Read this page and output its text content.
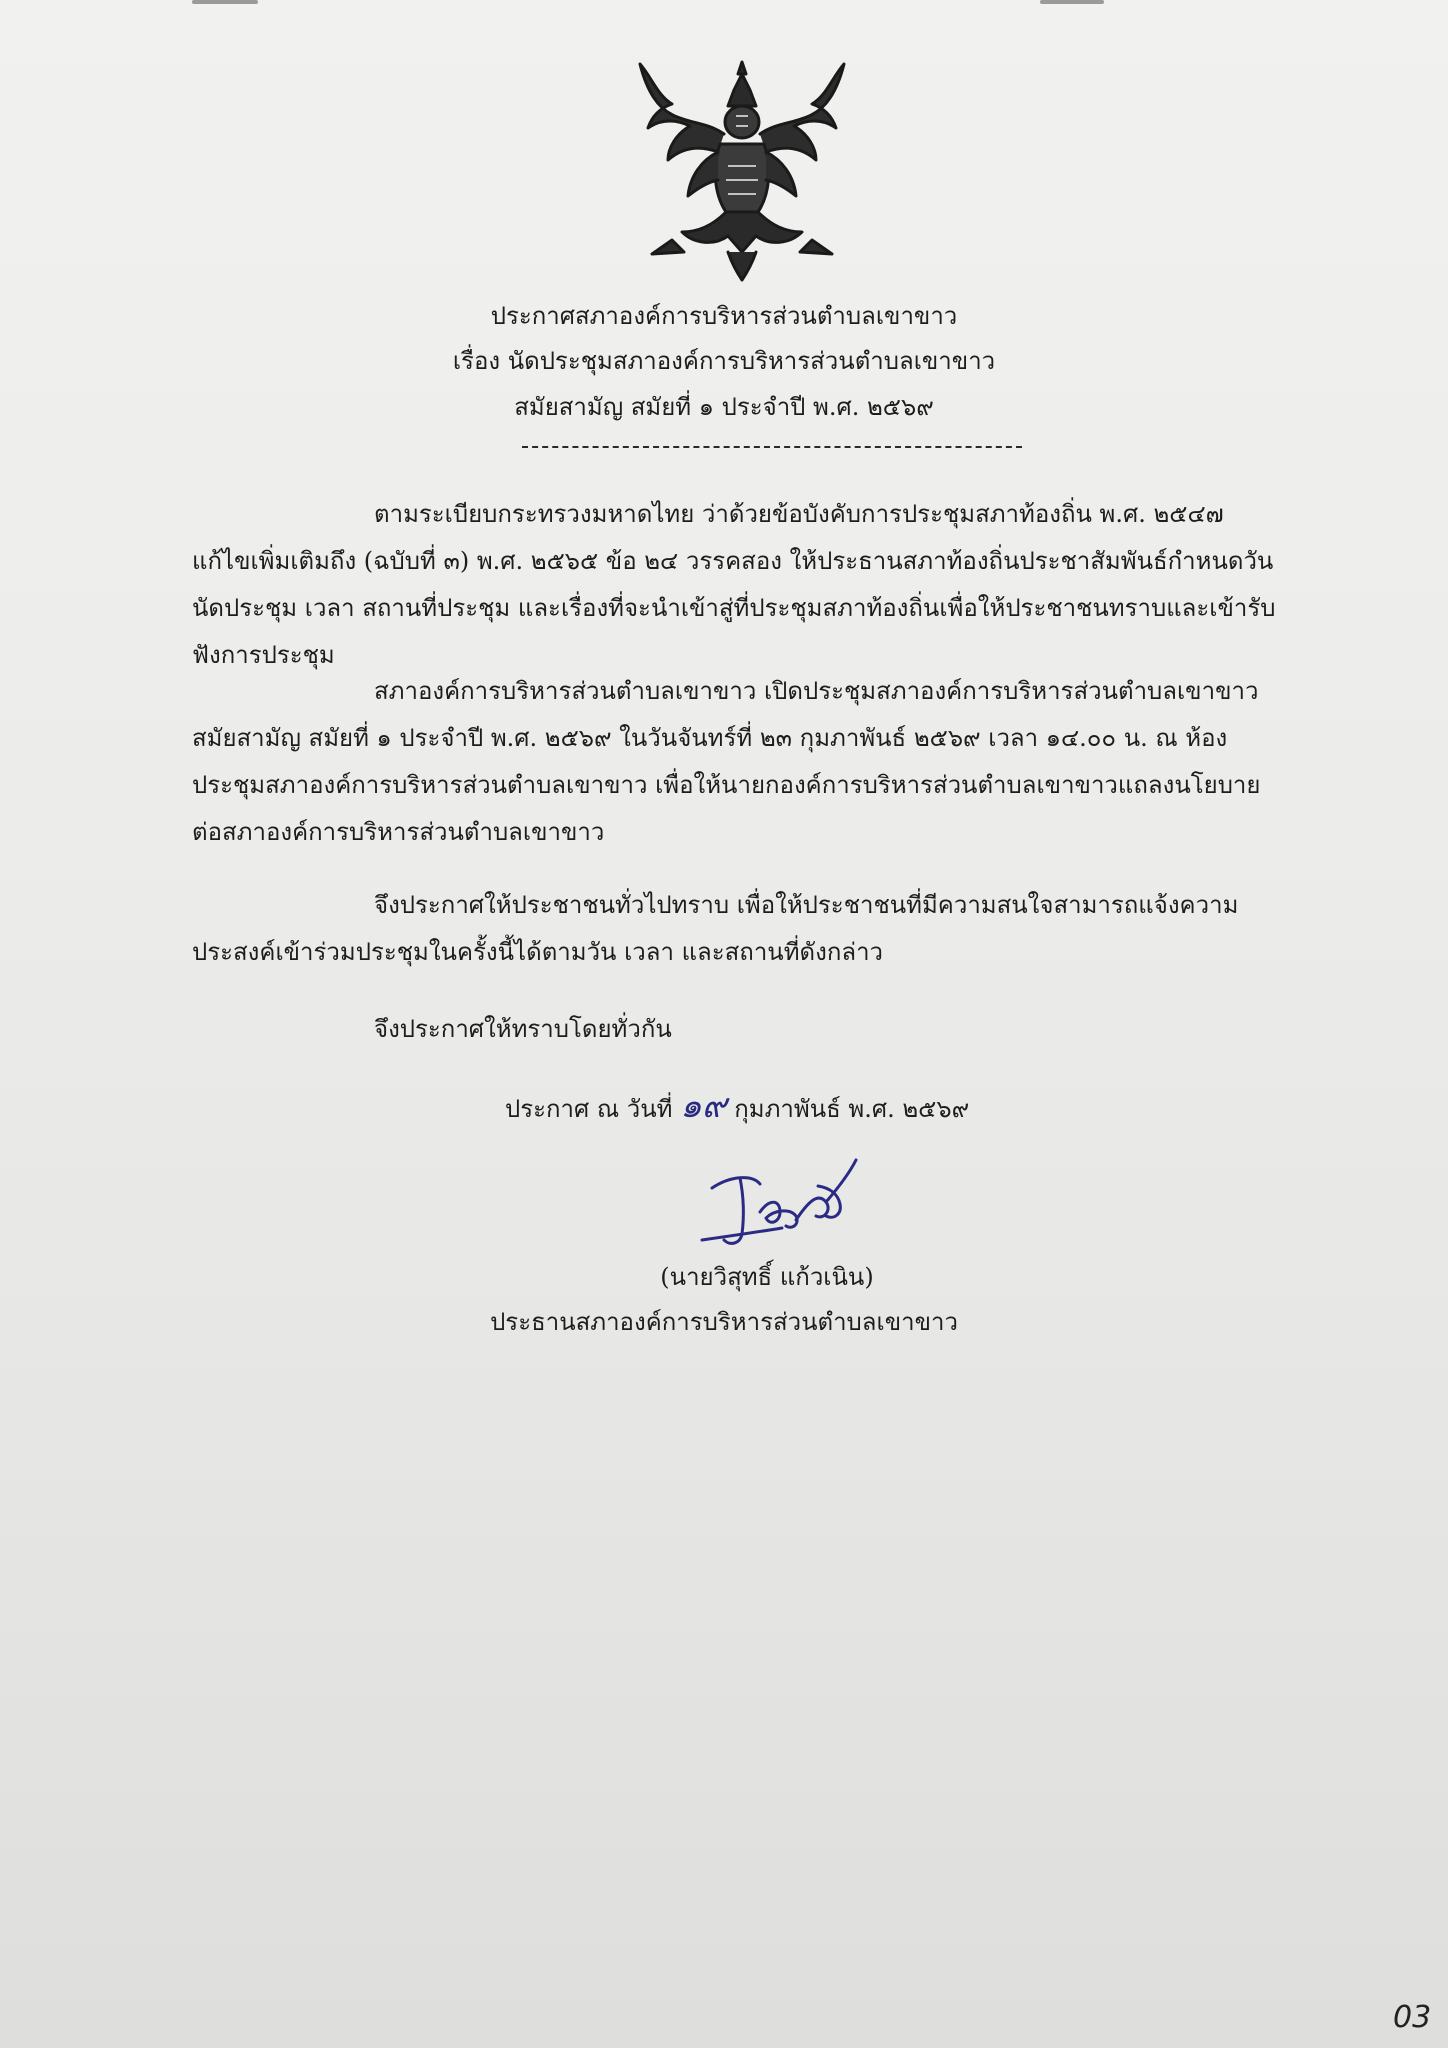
ประกาศสภาองค์การบริหารส่วนตำบลเขาขาว
เรื่อง นัดประชุมสภาองค์การบริหารส่วนตำบลเขาขาว
สมัยสามัญ สมัยที่ ๑ ประจำปี พ.ศ. ๒๕๖๙
ตามระเบียบกระทรวงมหาดไทย ว่าด้วยข้อบังคับการประชุมสภาท้องถิ่น พ.ศ. ๒๕๔๗
แก้ไขเพิ่มเติมถึง (ฉบับที่ ๓) พ.ศ. ๒๕๖๕ ข้อ ๒๔ วรรคสอง ให้ประธานสภาท้องถิ่นประชาสัมพันธ์กำหนดวัน
นัดประชุม เวลา สถานที่ประชุม และเรื่องที่จะนำเข้าสู่ที่ประชุมสภาท้องถิ่นเพื่อให้ประชาชนทราบและเข้ารับ
ฟังการประชุม
สภาองค์การบริหารส่วนตำบลเขาขาว เปิดประชุมสภาองค์การบริหารส่วนตำบลเขาขาว
สมัยสามัญ สมัยที่ ๑ ประจำปี พ.ศ. ๒๕๖๙ ในวันจันทร์ที่ ๒๓ กุมภาพันธ์ ๒๕๖๙ เวลา ๑๔.๐๐ น. ณ ห้อง
ประชุมสภาองค์การบริหารส่วนตำบลเขาขาว เพื่อให้นายกองค์การบริหารส่วนตำบลเขาขาวแถลงนโยบาย
ต่อสภาองค์การบริหารส่วนตำบลเขาขาว
จึงประกาศให้ประชาชนทั่วไปทราบ เพื่อให้ประชาชนที่มีความสนใจสามารถแจ้งความ
ประสงค์เข้าร่วมประชุมในครั้งนี้ได้ตามวัน เวลา และสถานที่ดังกล่าว
จึงประกาศให้ทราบโดยทั่วกัน
ประกาศ ณ วันที่ ๑๙ กุมภาพันธ์ พ.ศ. ๒๕๖๙
(นายวิสุทธิ์ แก้วเนิน)
ประธานสภาองค์การบริหารส่วนตำบลเขาขาว
03
